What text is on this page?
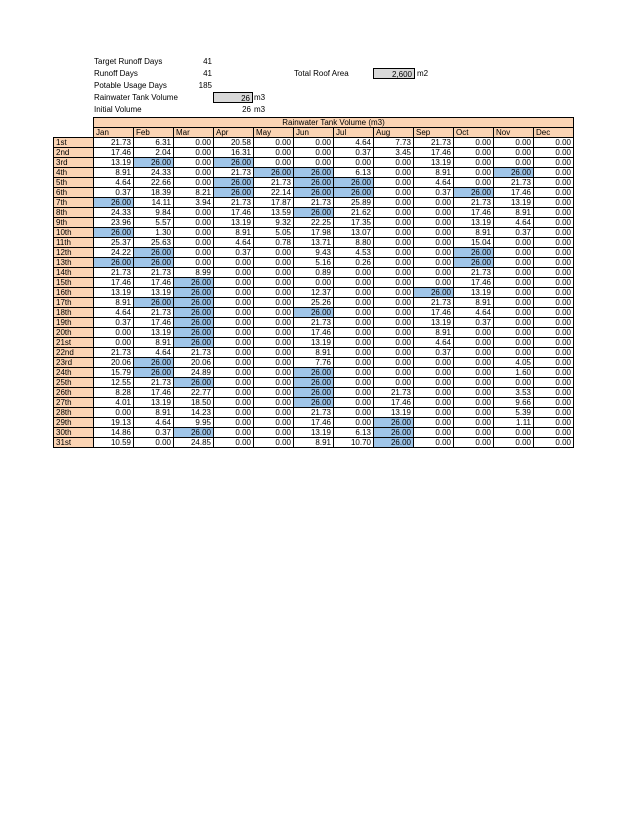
Target Runoff Days	41
Runoff Days	41	Total Roof Area	2,600 m2
Potable Usage Days	185
Rainwater Tank Volume	26 m3
Initial Volume	26 m3
	Rainwater Tank Volume (m3)											
	Jan	Feb	Mar	Apr	May	Jun	Jul	Aug	Sep	Oct	Nov	Dec
1st	21.73	6.31	0.00	20.58	0.00	0.00	4.64	7.73	21.73	0.00	0.00	0.00
2nd	17.46	2.04	0.00	16.31	0.00	0.00	0.37	3.45	17.46	0.00	0.00	0.00
3rd	13.19	26.00	0.00	26.00	0.00	0.00	0.00	0.00	13.19	0.00	0.00	0.00
4th	8.91	24.33	0.00	21.73	26.00	26.00	6.13	0.00	8.91	0.00	26.00	0.00
5th	4.64	22.66	0.00	26.00	21.73	26.00	26.00	0.00	4.64	0.00	21.73	0.00
6th	0.37	18.39	8.21	26.00	22.14	26.00	26.00	0.00	0.37	26.00	17.46	0.00
7th	26.00	14.11	3.94	21.73	17.87	21.73	25.89	0.00	0.00	21.73	13.19	0.00
8th	24.33	9.84	0.00	17.46	13.59	26.00	21.62	0.00	0.00	17.46	8.91	0.00
9th	23.96	5.57	0.00	13.19	9.32	22.25	17.35	0.00	0.00	13.19	4.64	0.00
10th	26.00	1.30	0.00	8.91	5.05	17.98	13.07	0.00	0.00	8.91	0.37	0.00
11th	25.37	25.63	0.00	4.64	0.78	13.71	8.80	0.00	0.00	15.04	0.00	0.00
12th	24.22	26.00	0.00	0.37	0.00	9.43	4.53	0.00	0.00	26.00	0.00	0.00
13th	26.00	26.00	0.00	0.00	0.00	5.16	0.26	0.00	0.00	26.00	0.00	0.00
14th	21.73	21.73	8.99	0.00	0.00	0.89	0.00	0.00	0.00	21.73	0.00	0.00
15th	17.46	17.46	26.00	0.00	0.00	0.00	0.00	0.00	0.00	17.46	0.00	0.00
16th	13.19	13.19	26.00	0.00	0.00	12.37	0.00	0.00	26.00	13.19	0.00	0.00
17th	8.91	26.00	26.00	0.00	0.00	25.26	0.00	0.00	21.73	8.91	0.00	0.00
18th	4.64	21.73	26.00	0.00	0.00	26.00	0.00	0.00	17.46	4.64	0.00	0.00
19th	0.37	17.46	26.00	0.00	0.00	21.73	0.00	0.00	13.19	0.37	0.00	0.00
20th	0.00	13.19	26.00	0.00	0.00	17.46	0.00	0.00	8.91	0.00	0.00	0.00
21st	0.00	8.91	26.00	0.00	0.00	13.19	0.00	0.00	4.64	0.00	0.00	0.00
22nd	21.73	4.64	21.73	0.00	0.00	8.91	0.00	0.00	0.37	0.00	0.00	0.00
23rd	20.06	26.00	20.06	0.00	0.00	7.76	0.00	0.00	0.00	0.00	4.05	0.00
24th	15.79	26.00	24.89	0.00	0.00	26.00	0.00	0.00	0.00	0.00	1.60	0.00
25th	12.55	21.73	26.00	0.00	0.00	26.00	0.00	0.00	0.00	0.00	0.00	0.00
26th	8.28	17.46	22.77	0.00	0.00	26.00	0.00	21.73	0.00	0.00	3.53	0.00
27th	4.01	13.19	18.50	0.00	0.00	26.00	0.00	17.46	0.00	0.00	9.66	0.00
28th	0.00	8.91	14.23	0.00	0.00	21.73	0.00	13.19	0.00	0.00	5.39	0.00
29th	19.13	4.64	9.95	0.00	0.00	17.46	0.00	26.00	0.00	0.00	1.11	0.00
30th	14.86	0.37	26.00	0.00	0.00	13.19	6.13	26.00	0.00	0.00	0.00	0.00
31st	10.59	0.00	24.85	0.00	0.00	8.91	10.70	26.00	0.00	0.00	0.00	0.00
